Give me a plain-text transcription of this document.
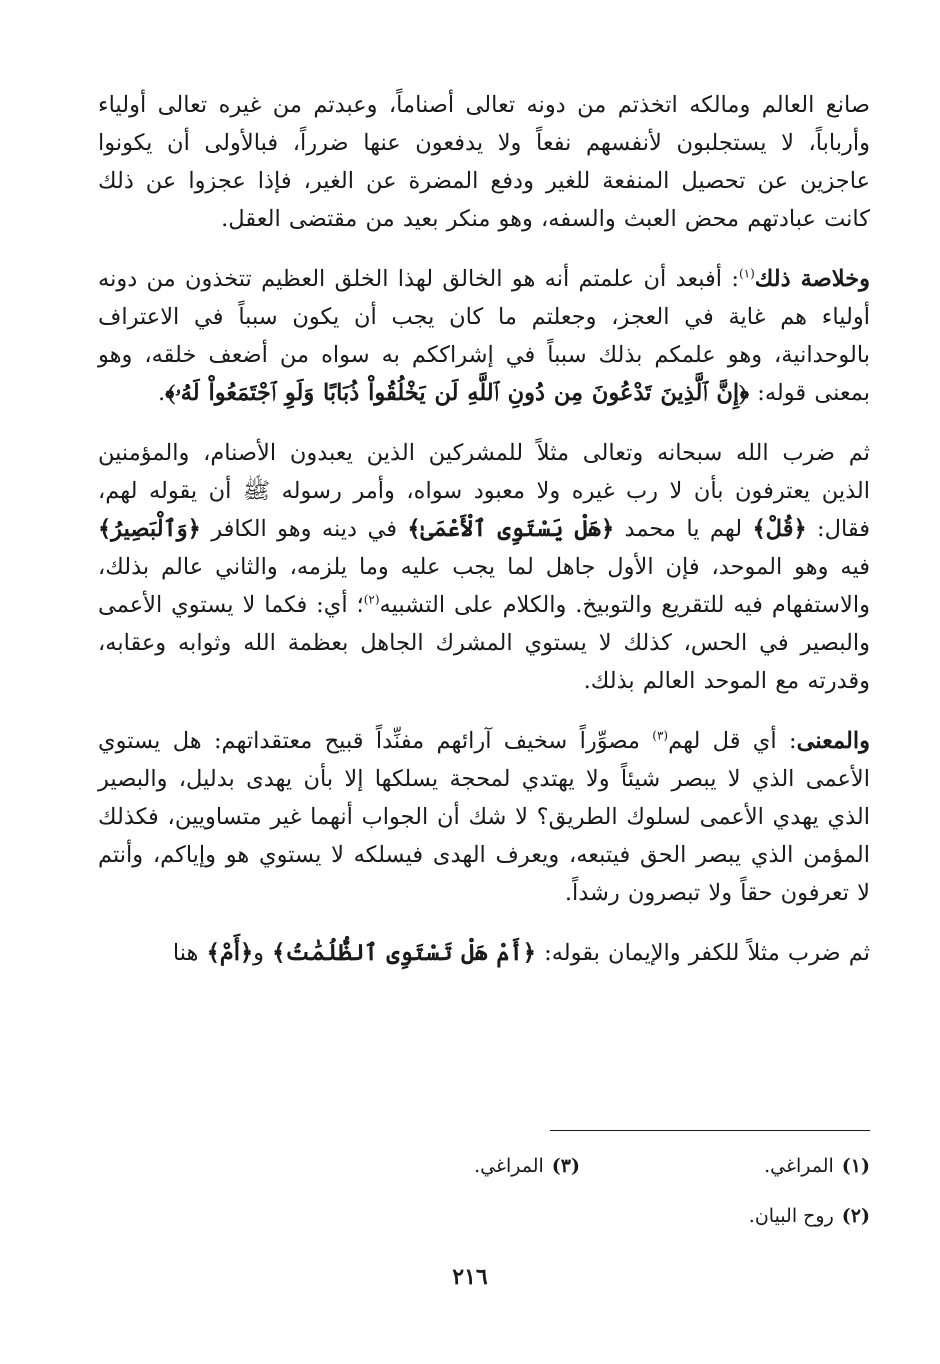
صانع العالم ومالكه اتخذتم من دونه تعالى أصناماً، وعبدتم من غيره تعالى أولياء وأرباباً، لا يستجلبون لأنفسهم نفعاً ولا يدفعون عنها ضرراً، فبالأولى أن يكونوا عاجزين عن تحصيل المنفعة للغير ودفع المضرة عن الغير، فإذا عجزوا عن ذلك كانت عبادتهم محض العبث والسفه، وهو منكر بعيد من مقتضى العقل.

وخلاصة ذلك$^{(١)}$: أفبعد أن علمتم أنه هو الخالق لهذا الخلق العظيم تتخذون من دونه أولياء هم غاية في العجز، وجعلتم ما كان يجب أن يكون سبباً في الاعتراف بالوحدانية، وهو علمكم بذلك سبباً في إشراككم به سواه من أضعف خلقه، وهو بمعنى قوله: ﴿إِنَّ ٱلَّذِينَ تَدْعُونَ مِن دُونِ ٱللَّهِ لَن يَخْلُقُواْ ذُبَابًا وَلَوِ ٱجْتَمَعُواْ لَهُۥ﴾.

ثم ضرب الله سبحانه وتعالى مثلاً للمشركين الذين يعبدون الأصنام، والمؤمنين الذين يعترفون بأن لا رب غيره ولا معبود سواه، وأمر رسوله ﷺ أن يقوله لهم، فقال: ﴿قُلْ﴾ لهم يا محمد ﴿هَلْ يَسْتَوِى ٱلْأَعْمَىٰ﴾ في دينه وهو الكافر ﴿وَٱلْبَصِيرُ﴾ فيه وهو الموحد، فإن الأول جاهل لما يجب عليه وما يلزمه، والثاني عالم بذلك، والاستفهام فيه للتقريع والتوبيخ. والكلام على التشبيه$^{(٢)}$؛ أي: فكما لا يستوي الأعمى والبصير في الحس، كذلك لا يستوي المشرك الجاهل بعظمة الله وثوابه وعقابه، وقدرته مع الموحد العالم بذلك.

والمعنى: أي قل لهم$^{(٣)}$ مصوِّراً سخيف آرائهم مفنِّداً قبيح معتقداتهم: هل يستوي الأعمى الذي لا يبصر شيئاً ولا يهتدي لمحجة يسلكها إلا بأن يهدى بدليل، والبصير الذي يهدي الأعمى لسلوك الطريق؟ لا شك أن الجواب أنهما غير متساويين، فكذلك المؤمن الذي يبصر الحق فيتبعه، ويعرف الهدى فيسلكه لا يستوي هو وإياكم، وأنتم لا تعرفون حقاً ولا تبصرون رشداً.

ثم ضرب مثلاً للكفر والإيمان بقوله: ﴿أَمْ هَلْ تَسْتَوِى ٱلظُّلُمَٰتُ﴾ و﴿أَمْ﴾ هنا

(١)المراغي.
(٣)المراغي.
(٢)روح البيان.
٢١٦
